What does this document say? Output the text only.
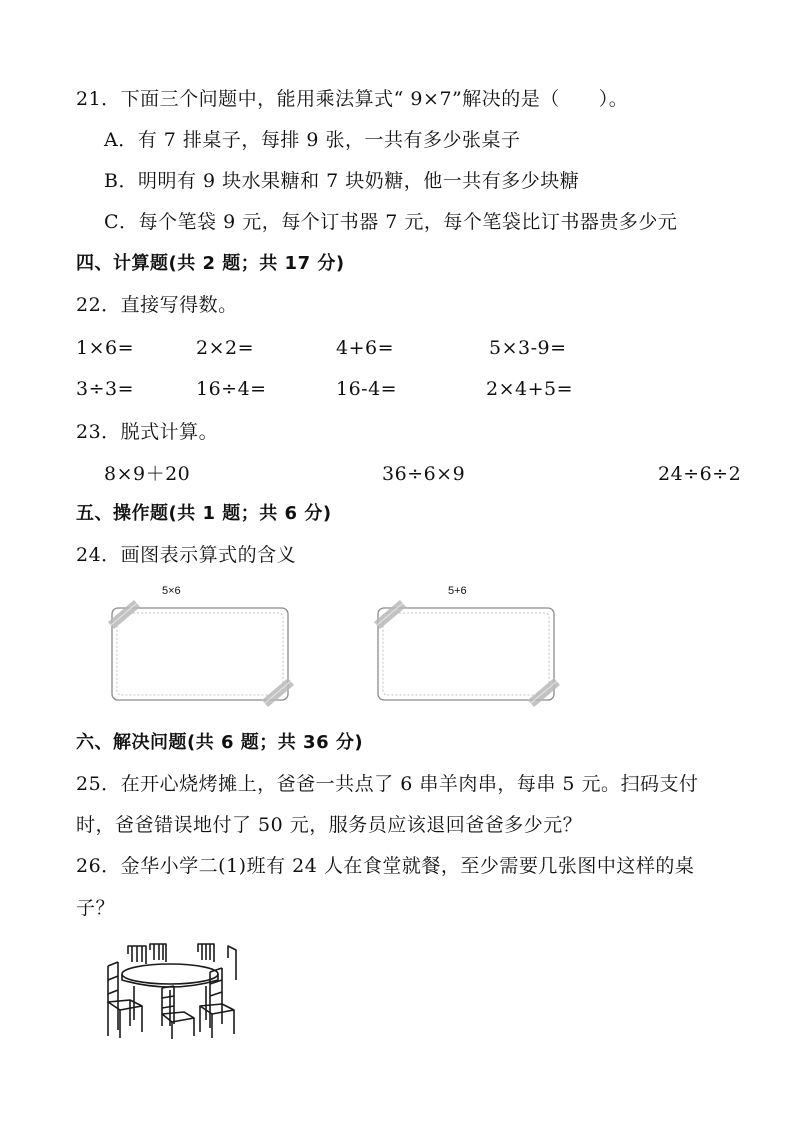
21．下面三个问题中，能用乘法算式“ 9×7”解决的是（　　）。
A．有 7 排桌子，每排 9 张，一共有多少张桌子
B．明明有 9 块水果糖和 7 块奶糖，他一共有多少块糖
C．每个笔袋 9 元，每个订书器 7 元，每个笔袋比订书器贵多少元
四、计算题(共 2 题；共 17 分)
22．直接写得数。
1×6=	2×2=	4+6=	5×3-9=
3÷3=	16÷4=	16-4=	2×4+5=
23．脱式计算。
8×9＋20	36÷6×9	24÷6÷2
五、操作题(共 1 题；共 6 分)
24．画图表示算式的含义
5×6	5+6
六、解决问题(共 6 题；共 36 分)
25．在开心烧烤摊上，爸爸一共点了 6 串羊肉串，每串 5 元。扫码支付
时，爸爸错误地付了 50 元，服务员应该退回爸爸多少元？
26．金华小学二(1)班有 24 人在食堂就餐，至少需要几张图中这样的桌
子？
